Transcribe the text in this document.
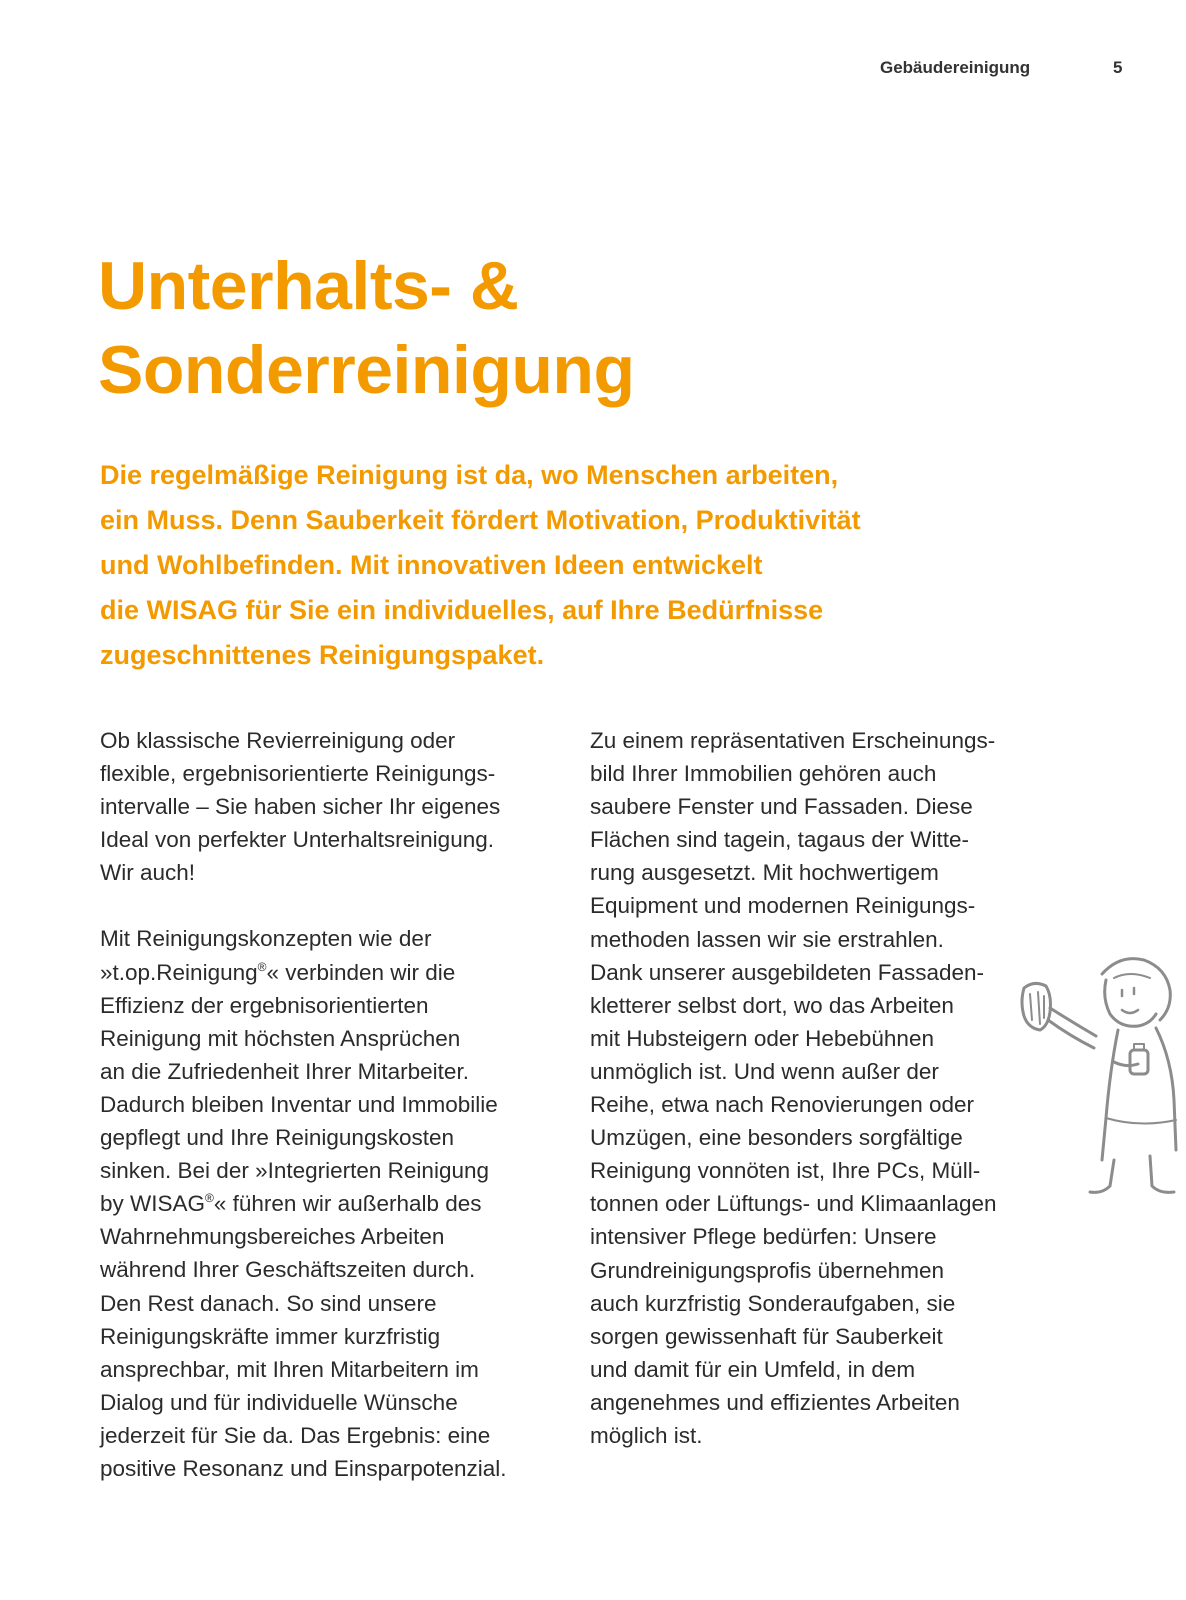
Gebäudereinigung	5
Unterhalts- &
Sonderreinigung

Die regelmäßige Reinigung ist da, wo Menschen arbeiten,
ein Muss. Denn Sauberkeit fördert Motivation, Produktivität
und Wohlbefinden. Mit innovativen Ideen entwickelt
die WISAG für Sie ein individuelles, auf Ihre Bedürfnisse
zugeschnittenes Reinigungspaket.

Ob klassische Revierreinigung oder
flexible, ergebnisorientierte Reinigungs-
intervalle – Sie haben sicher Ihr eigenes
Ideal von perfekter Unterhaltsreinigung.
Wir auch!
Mit Reinigungskonzepten wie der
»t.op.Reinigung®« verbinden wir die
Effizienz der ergebnisorientierten
Reinigung mit höchsten Ansprüchen
an die Zufriedenheit Ihrer Mitarbeiter.
Dadurch bleiben Inventar und Immobilie
gepflegt und Ihre Reinigungskosten
sinken. Bei der »Integrierten Reinigung
by WISAG®« führen wir außerhalb des
Wahrnehmungsbereiches Arbeiten
während Ihrer Geschäftszeiten durch.
Den Rest danach. So sind unsere
Reinigungskräfte immer kurzfristig
ansprechbar, mit Ihren Mitarbeitern im
Dialog und für individuelle Wünsche
jederzeit für Sie da. Das Ergebnis: eine
positive Resonanz und Einsparpotenzial.
Zu einem repräsentativen Erscheinungs-
bild Ihrer Immobilien gehören auch
saubere Fenster und Fassaden. Diese
Flächen sind tagein, tagaus der Witte-
rung ausgesetzt. Mit hochwertigem
Equipment und modernen Reinigungs-
methoden lassen wir sie erstrahlen.
Dank unserer ausgebildeten Fassaden-
kletterer selbst dort, wo das Arbeiten
mit Hubsteigern oder Hebebühnen
unmöglich ist. Und wenn außer der
Reihe, etwa nach Renovierungen oder
Umzügen, eine besonders sorgfältige
Reinigung vonnöten ist, Ihre PCs, Müll-
tonnen oder Lüftungs- und Klimaanlagen
intensiver Pflege bedürfen: Unsere
Grundreinigungsprofis übernehmen
auch kurzfristig Sonderaufgaben, sie
sorgen gewissenhaft für Sauberkeit
und damit für ein Umfeld, in dem
angenehmes und effizientes Arbeiten
möglich ist.
